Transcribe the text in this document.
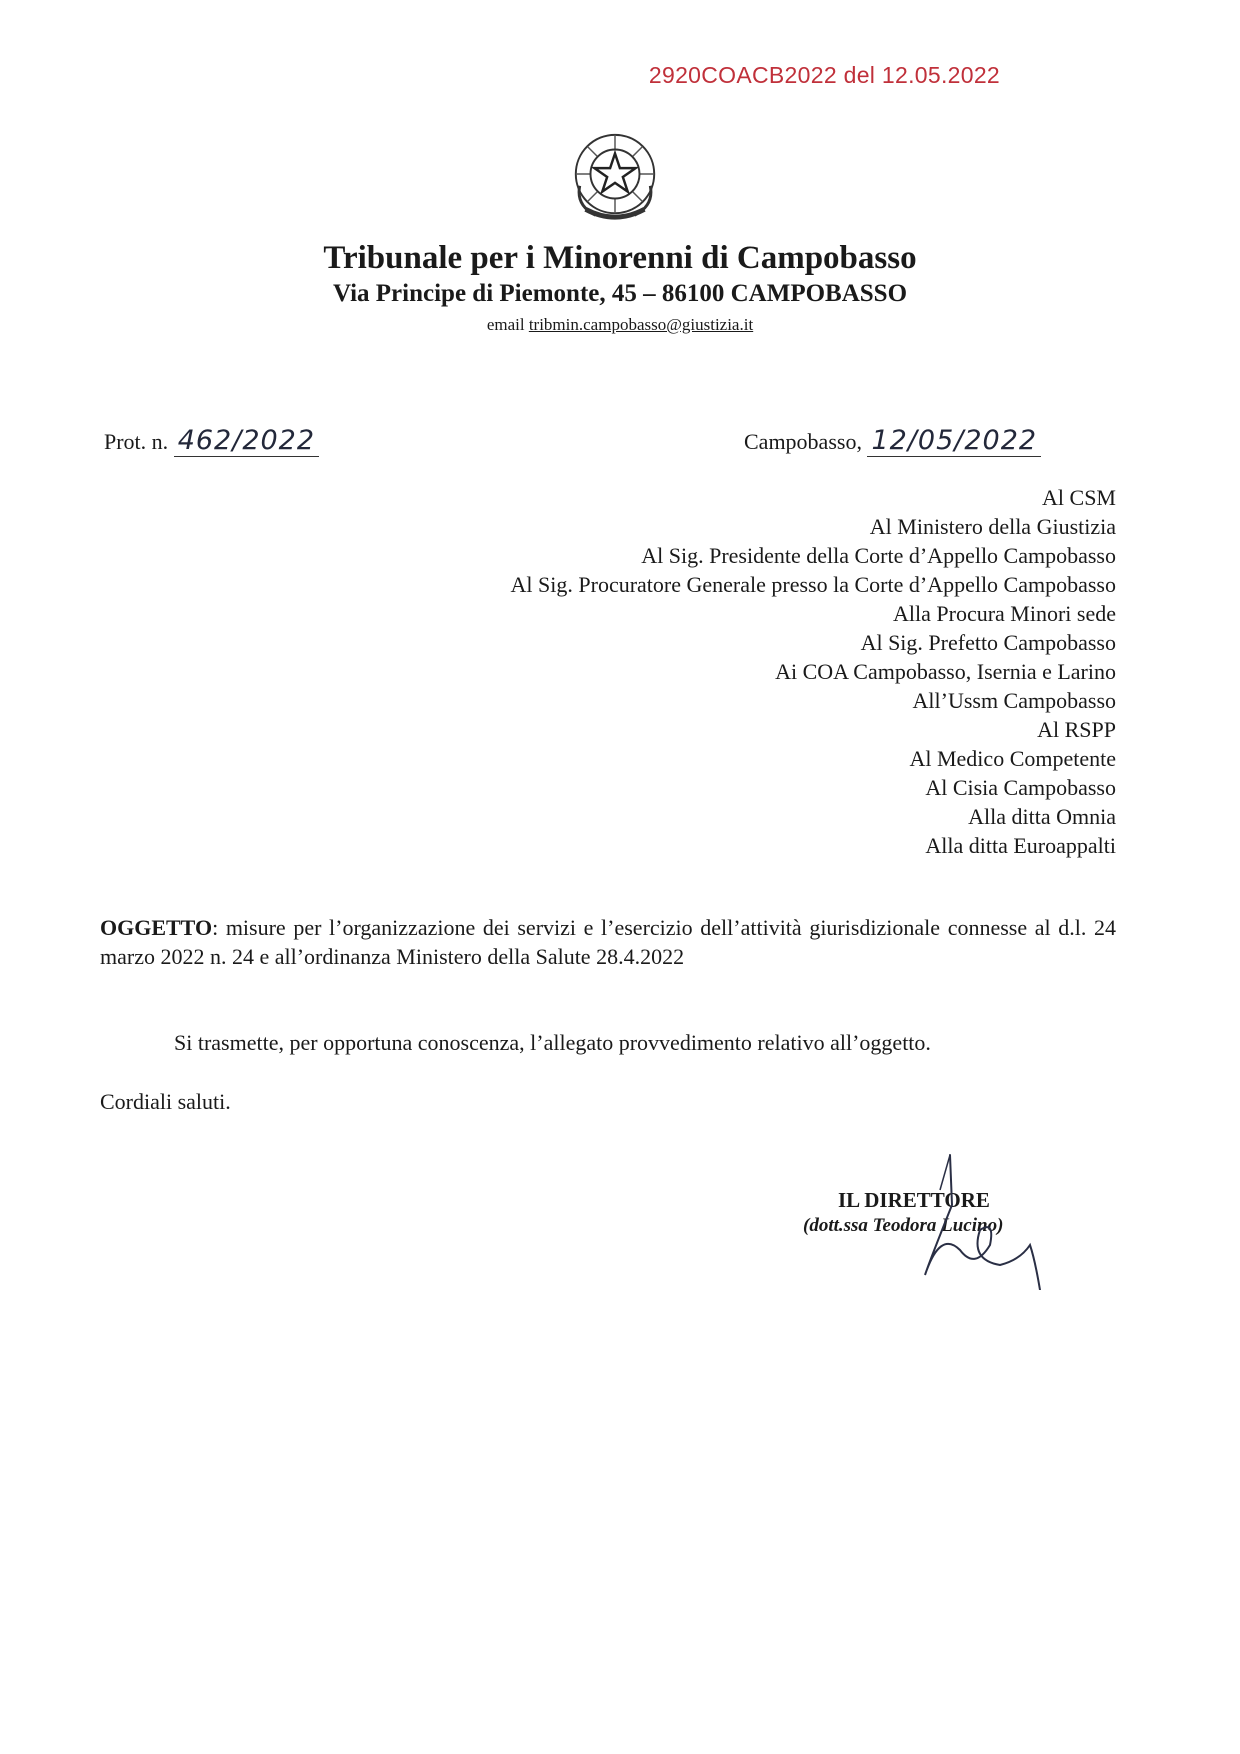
2920COACB2022 del 12.05.2022
Tribunale per i Minorenni di Campobasso
Via Principe di Piemonte, 45 – 86100 CAMPOBASSO
email tribmin.campobasso@giustizia.it
Prot. n. 462/2022	Campobasso, 12/05/2022
Al CSM
Al Ministero della Giustizia
Al Sig. Presidente della Corte d’Appello Campobasso
Al Sig. Procuratore Generale presso la Corte d’Appello Campobasso
Alla Procura Minori sede
Al Sig. Prefetto Campobasso
Ai COA Campobasso, Isernia e Larino
All’Ussm Campobasso
Al RSPP
Al Medico Competente
Al Cisia Campobasso
Alla ditta Omnia
Alla ditta Euroappalti
OGGETTO: misure per l’organizzazione dei servizi e l’esercizio dell’attività giurisdizionale connesse al d.l. 24 marzo 2022 n. 24 e all’ordinanza Ministero della Salute 28.4.2022
Si trasmette, per opportuna conoscenza, l’allegato provvedimento relativo all’oggetto.
Cordiali saluti.
IL DIRETTORE
(dott.ssa Teodora Lucino)
